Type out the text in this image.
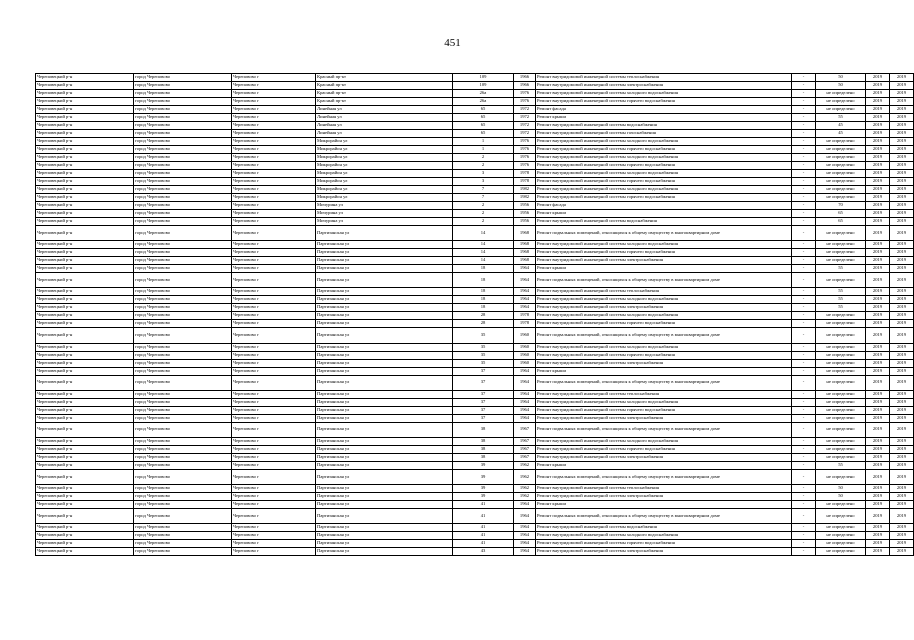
451
Череповецкий р-н	город Череповово	Череповово г	Красный пр-кт	109	1966	Ремонт внутридомовой инженерной системы теплоснабжения	-	50	2019	2019
Череповецкий р-н	город Череповово	Череповово г	Красный пр-кт	109	1966	Ремонт внутридомовой инженерной системы электроснабжения	-	50	2019	2019
Череповецкий р-н	город Череповово	Череповово г	Красный пр-кт	26а	1976	Ремонт внутридомовой инженерной системы холодного водоснабжения	-	не определено	2019	2019
Череповецкий р-н	город Череповово	Череповово г	Красный пр-кт	26а	1976	Ремонт внутридомовой инженерной системы горячего водоснабжения	-	не определено	2019	2019
Череповецкий р-н	город Череповово	Череповово г	Линейная ул	65	1972	Ремонт фасада	-	не определено	2019	2019
Череповецкий р-н	город Череповово	Череповово г	Линейная ул	65	1972	Ремонт крыши	-	55	2019	2019
Череповецкий р-н	город Череповово	Череповово г	Линейная ул	65	1972	Ремонт внутридомовой инженерной системы водоснабжения	-	45	2019	2019
Череповецкий р-н	город Череповово	Череповово г	Линейная ул	65	1972	Ремонт внутридомовой инженерной системы газоснабжения	-	45	2019	2019
Череповецкий р-н	город Череповово	Череповово г	Микрорайон ул	1	1976	Ремонт внутридомовой инженерной системы холодного водоснабжения	-	не определено	2019	2019
Череповецкий р-н	город Череповово	Череповово г	Микрорайон ул	1	1976	Ремонт внутридомовой инженерной системы горячего водоснабжения	-	не определено	2019	2019
Череповецкий р-н	город Череповово	Череповово г	Микрорайон ул	2	1976	Ремонт внутридомовой инженерной системы холодного водоснабжения	-	не определено	2019	2019
Череповецкий р-н	город Череповово	Череповово г	Микрорайон ул	2	1976	Ремонт внутридомовой инженерной системы горячего водоснабжения	-	не определено	2019	2019
Череповецкий р-н	город Череповово	Череповово г	Микрорайон ул	3	1978	Ремонт внутридомовой инженерной системы холодного водоснабжения	-	не определено	2019	2019
Череповецкий р-н	город Череповово	Череповово г	Микрорайон ул	3	1978	Ремонт внутридомовой инженерной системы горячего водоснабжения	-	не определено	2019	2019
Череповецкий р-н	город Череповово	Череповово г	Микрорайон ул	7	1982	Ремонт внутридомовой инженерной системы холодного водоснабжения	-	не определено	2019	2019
Череповецкий р-н	город Череповово	Череповово г	Микрорайон ул	7	1982	Ремонт внутридомовой инженерной системы горячего водоснабжения	-	не определено	2019	2019
Череповецкий р-н	город Череповово	Череповово г	Мичурина ул	2	1956	Ремонт фасада	-	70	2019	2019
Череповецкий р-н	город Череповово	Череповово г	Мичурина ул	2	1956	Ремонт крыши	-	65	2019	2019
Череповецкий р-н	город Череповово	Череповово г	Мичурина ул	2	1956	Ремонт внутридомовой инженерной системы водоснабжения	-	65	2019	2019
Череповецкий р-н	город Череповово	Череповово г	Партизанская ул	14	1968	Ремонт подвальных помещений, относящихся к общему имуществу в многоквартирном доме	-	не определено	2019	2019
Череповецкий р-н	город Череповово	Череповово г	Партизанская ул	14	1968	Ремонт внутридомовой инженерной системы холодного водоснабжения	-	не определено	2019	2019
Череповецкий р-н	город Череповово	Череповово г	Партизанская ул	14	1968	Ремонт внутридомовой инженерной системы горячего водоснабжения	-	не определено	2019	2019
Череповецкий р-н	город Череповово	Череповово г	Партизанская ул	14	1968	Ремонт внутридомовой инженерной системы электроснабжения	-	не определено	2019	2019
Череповецкий р-н	город Череповово	Череповово г	Партизанская ул	18	1964	Ремонт крыши	-	55	2019	2019
Череповецкий р-н	город Череповово	Череповово г	Партизанская ул	18	1964	Ремонт подвальных помещений, относящихся к общему имуществу в многоквартирном доме	-	не определено	2019	2019
Череповецкий р-н	город Череповово	Череповово г	Партизанская ул	18	1964	Ремонт внутридомовой инженерной системы теплоснабжения	-	55	2019	2019
Череповецкий р-н	город Череповово	Череповово г	Партизанская ул	18	1964	Ремонт внутридомовой инженерной системы холодного водоснабжения	-	55	2019	2019
Череповецкий р-н	город Череповово	Череповово г	Партизанская ул	18	1964	Ремонт внутридомовой инженерной системы электроснабжения	-	55	2019	2019
Череповецкий р-н	город Череповово	Череповово г	Партизанская ул	28	1978	Ремонт внутридомовой инженерной системы холодного водоснабжения	-	не определено	2019	2019
Череповецкий р-н	город Череповово	Череповово г	Партизанская ул	28	1978	Ремонт внутридомовой инженерной системы горячего водоснабжения	-	не определено	2019	2019
Череповецкий р-н	город Череповово	Череповово г	Партизанская ул	35	1960	Ремонт подвальных помещений, относящихся к общему имуществу в многоквартирном доме	-	не определено	2019	2019
Череповецкий р-н	город Череповово	Череповово г	Партизанская ул	35	1960	Ремонт внутридомовой инженерной системы холодного водоснабжения	-	не определено	2019	2019
Череповецкий р-н	город Череповово	Череповово г	Партизанская ул	35	1960	Ремонт внутридомовой инженерной системы горячего водоснабжения	-	не определено	2019	2019
Череповецкий р-н	город Череповово	Череповово г	Партизанская ул	35	1960	Ремонт внутридомовой инженерной системы электроснабжения	-	не определено	2019	2019
Череповецкий р-н	город Череповово	Череповово г	Партизанская ул	37	1964	Ремонт крыши	-	не определено	2019	2019
Череповецкий р-н	город Череповово	Череповово г	Партизанская ул	37	1964	Ремонт подвальных помещений, относящихся к общему имуществу в многоквартирном доме	-	не определено	2019	2019
Череповецкий р-н	город Череповово	Череповово г	Партизанская ул	37	1964	Ремонт внутридомовой инженерной системы теплоснабжения	-	не определено	2019	2019
Череповецкий р-н	город Череповово	Череповово г	Партизанская ул	37	1964	Ремонт внутридомовой инженерной системы холодного водоснабжения	-	не определено	2019	2019
Череповецкий р-н	город Череповово	Череповово г	Партизанская ул	37	1964	Ремонт внутридомовой инженерной системы горячего водоснабжения	-	не определено	2019	2019
Череповецкий р-н	город Череповово	Череповово г	Партизанская ул	37	1964	Ремонт внутридомовой инженерной системы электроснабжения	-	не определено	2019	2019
Череповецкий р-н	город Череповово	Череповово г	Партизанская ул	38	1967	Ремонт подвальных помещений, относящихся к общему имуществу в многоквартирном доме	-	не определено	2019	2019
Череповецкий р-н	город Череповово	Череповово г	Партизанская ул	38	1967	Ремонт внутридомовой инженерной системы холодного водоснабжения	-	не определено	2019	2019
Череповецкий р-н	город Череповово	Череповово г	Партизанская ул	38	1967	Ремонт внутридомовой инженерной системы горячего водоснабжения	-	не определено	2019	2019
Череповецкий р-н	город Череповово	Череповово г	Партизанская ул	38	1967	Ремонт внутридомовой инженерной системы электроснабжения	-	не определено	2019	2019
Череповецкий р-н	город Череповово	Череповово г	Партизанская ул	39	1962	Ремонт крыши	-	55	2019	2019
Череповецкий р-н	город Череповово	Череповово г	Партизанская ул	39	1962	Ремонт подвальных помещений, относящихся к общему имуществу в многоквартирном доме	-	не определено	2019	2019
Череповецкий р-н	город Череповово	Череповово г	Партизанская ул	39	1962	Ремонт внутридомовой инженерной системы теплоснабжения	-	50	2019	2019
Череповецкий р-н	город Череповово	Череповово г	Партизанская ул	39	1962	Ремонт внутридомовой инженерной системы электроснабжения	-	50	2019	2019
Череповецкий р-н	город Череповово	Череповово г	Партизанская ул	41	1964	Ремонт крыши	-	не определено	2019	2019
Череповецкий р-н	город Череповово	Череповово г	Партизанская ул	41	1964	Ремонт подвальных помещений, относящихся к общему имуществу в многоквартирном доме	-	не определено	2019	2019
Череповецкий р-н	город Череповово	Череповово г	Партизанская ул	41	1964	Ремонт внутридомовой инженерной системы водоснабжения	-	не определено	2019	2019
Череповецкий р-н	город Череповово	Череповово г	Партизанская ул	41	1964	Ремонт внутридомовой инженерной системы холодного водоснабжения	-	не определено	2019	2019
Череповецкий р-н	город Череповово	Череповово г	Партизанская ул	41	1964	Ремонт внутридомовой инженерной системы горячего водоснабжения	-	не определено	2019	2019
Череповецкий р-н	город Череповово	Череповово г	Партизанская ул	43	1964	Ремонт внутридомовой инженерной системы электроснабжения	-	не определено	2019	2019
